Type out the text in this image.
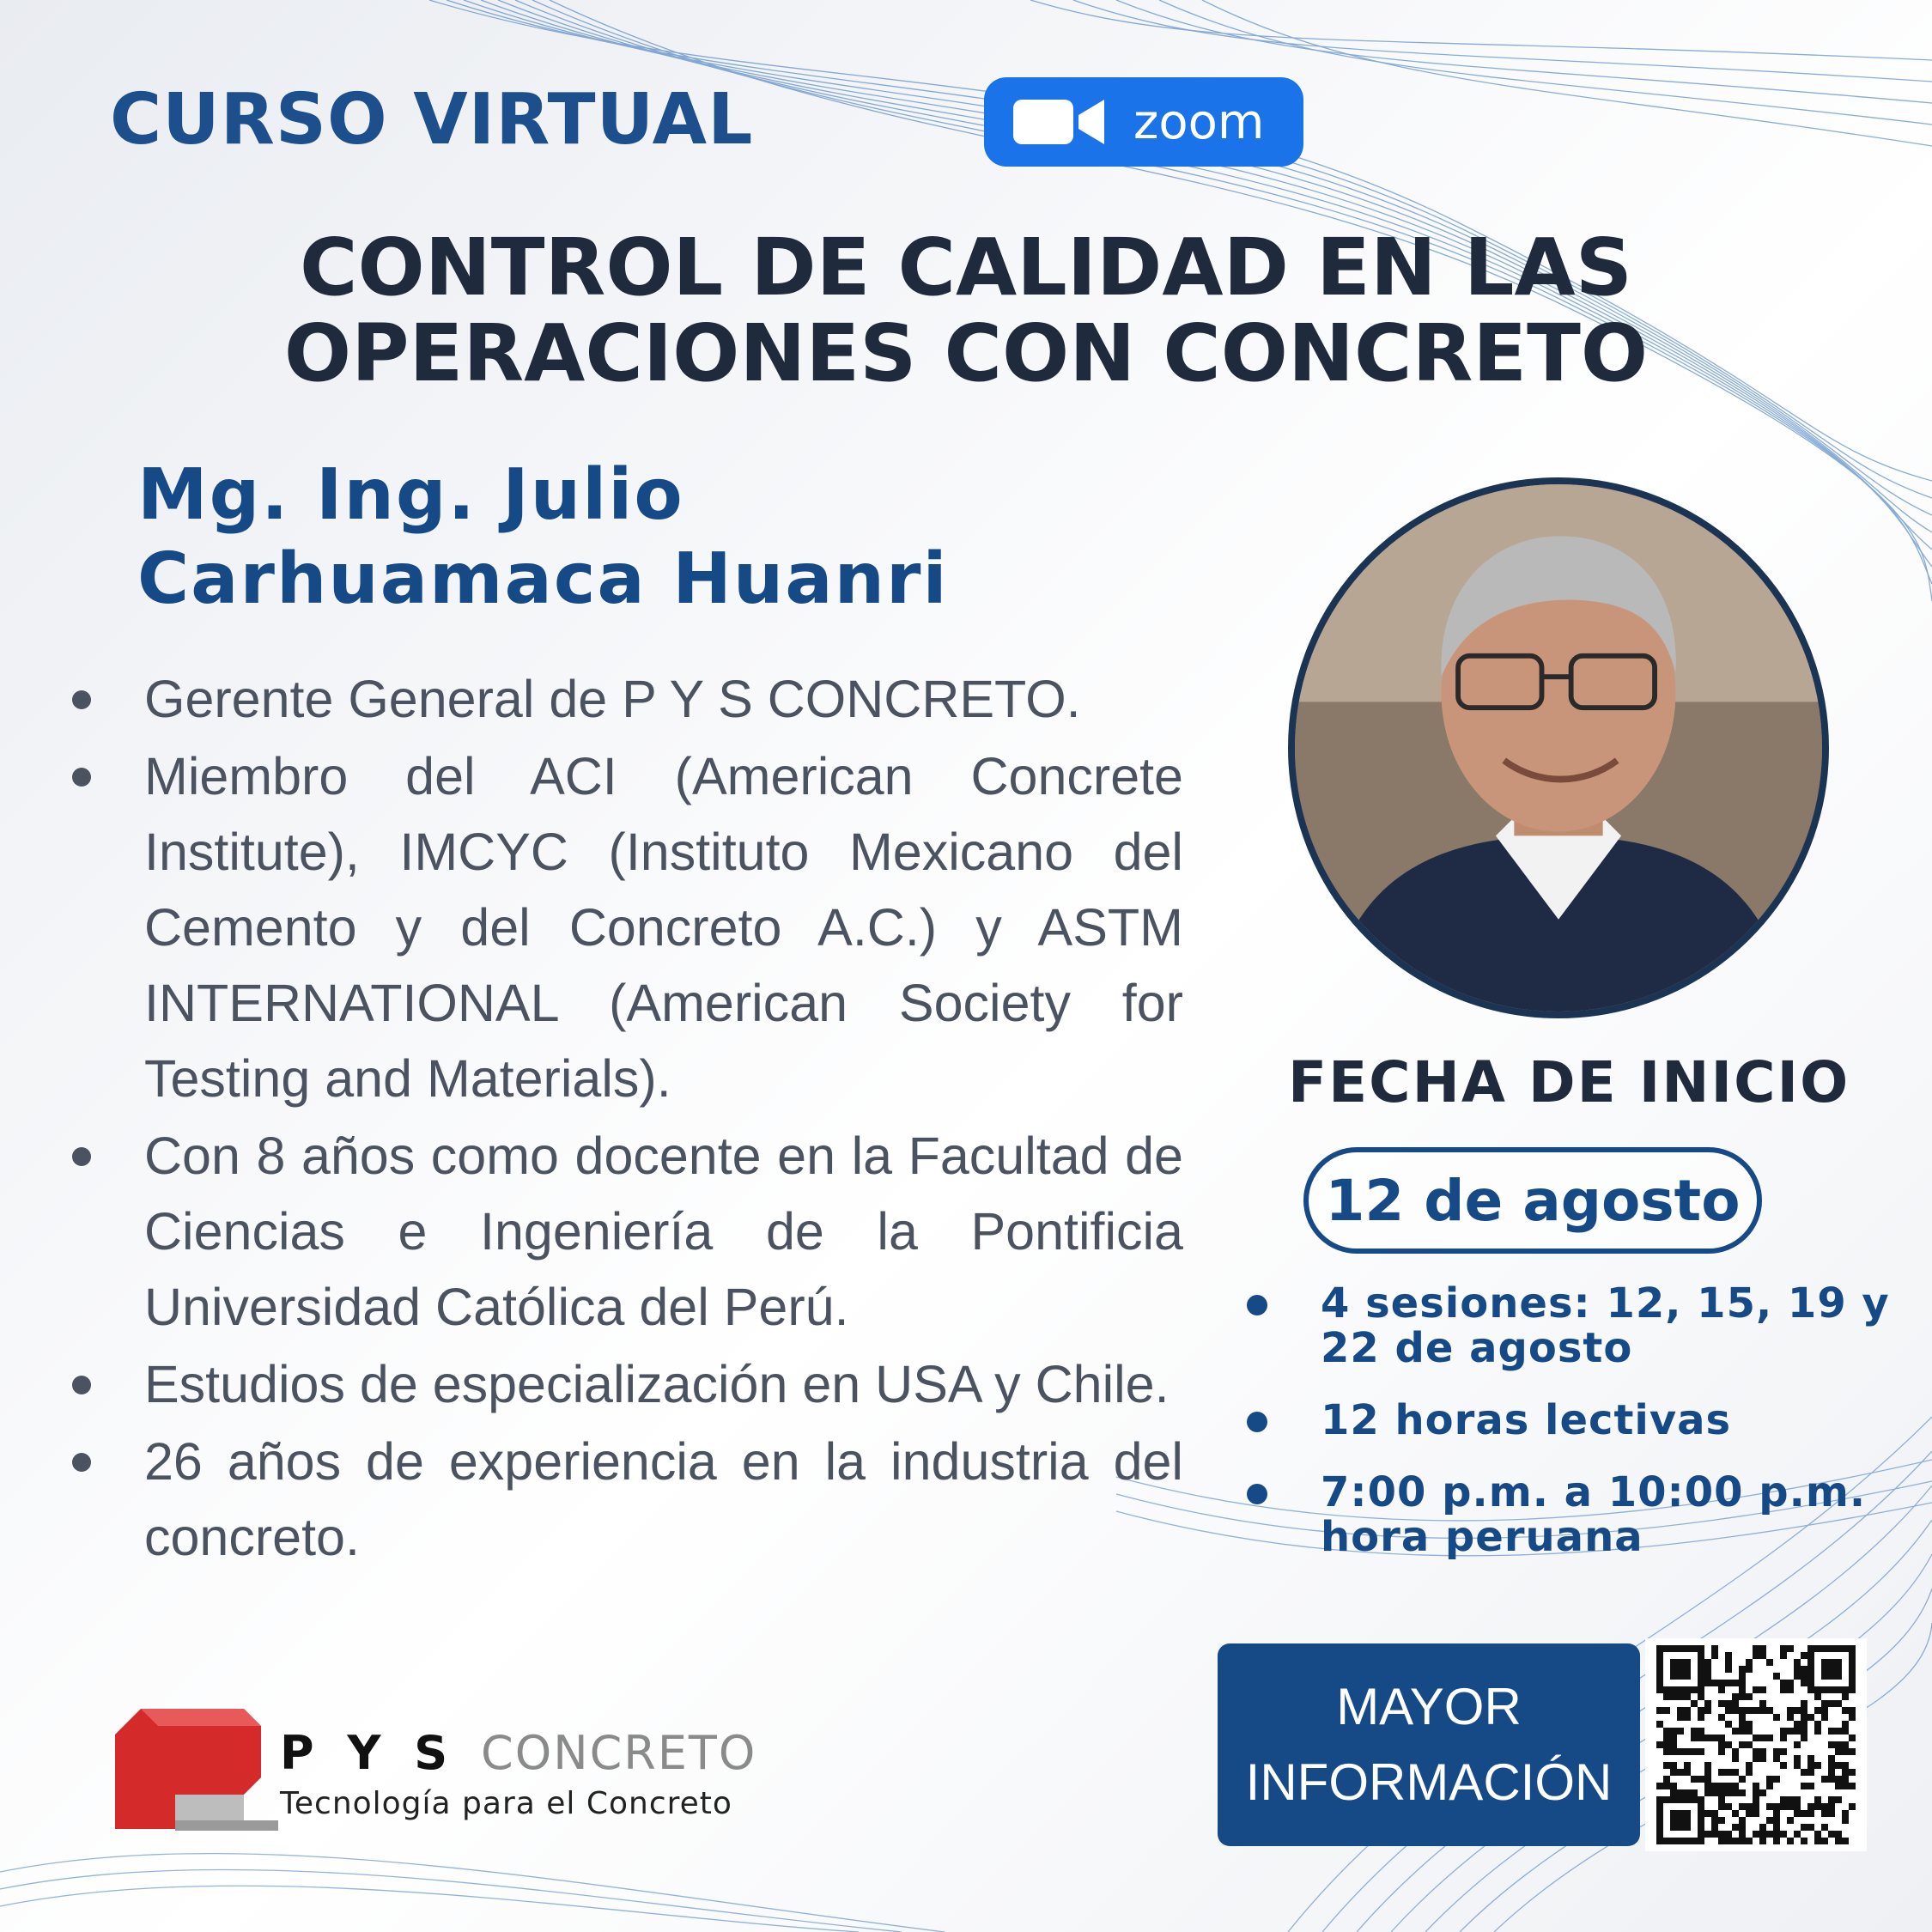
CURSO VIRTUAL	zoom
CONTROL DE CALIDAD EN LAS
OPERACIONES CON CONCRETO
Mg. Ing. Julio
Carhuamaca Huanri
Gerente General de P Y S CONCRETO.
Miembro del ACI (American Concrete Institute), IMCYC (Instituto Mexicano del Cemento y del Concreto A.C.) y ASTM INTERNATIONAL (American Society for Testing and Materials).
Con 8 años como docente en la Facultad de Ciencias e Ingeniería de la Pontificia Universidad Católica del Perú.
Estudios de especialización en USA y Chile.
26 años de experiencia en la industria del concreto.
FECHA DE INICIO
12 de agosto
4 sesiones: 12, 15, 19 y 22 de agosto
12 horas lectivas
7:00 p.m. a 10:00 p.m. hora peruana
P Y S CONCRETO
Tecnología para el Concreto
MAYOR
INFORMACIÓN
